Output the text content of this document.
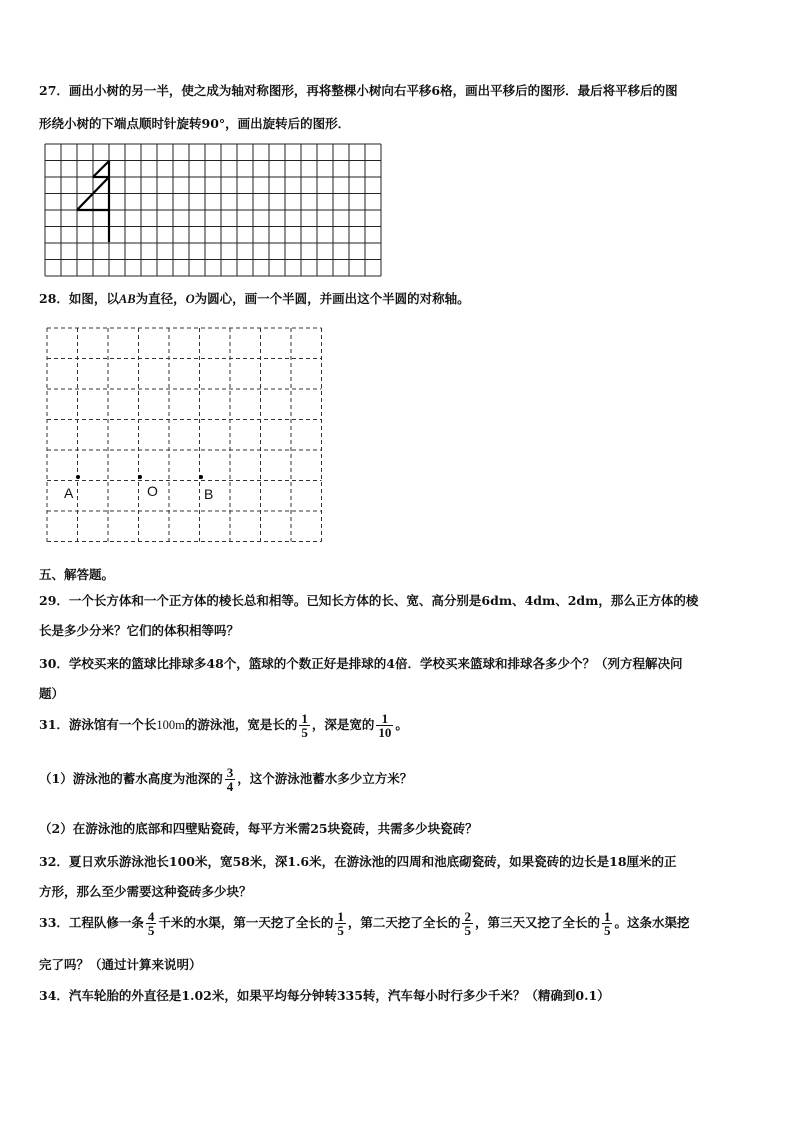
27．画出小树的另一半，使之成为轴对称图形，再将整棵小树向右平移6格，画出平移后的图形．最后将平移后的图
形绕小树的下端点顺时针旋转90°，画出旋转后的图形．
28．如图，以AB为直径，O为圆心，画一个半圆，并画出这个半圆的对称轴。
A	O	B
五、解答题。
29．一个长方体和一个正方体的棱长总和相等。已知长方体的长、宽、高分别是6dm、4dm、2dm，那么正方体的棱
长是多少分米？它们的体积相等吗？
30．学校买来的篮球比排球多48个，篮球的个数正好是排球的4倍．学校买来篮球和排球各多少个？（列方程解决问
题）
31．游泳馆有一个长100m的游泳池，宽是长的 $\frac{1}{5}$ ，深是宽的 $\frac{1}{10}$ 。
（1）游泳池的蓄水高度为池深的 $\frac{3}{4}$ ，这个游泳池蓄水多少立方米？
（2）在游泳池的底部和四壁贴瓷砖，每平方米需25块瓷砖，共需多少块瓷砖？
32．夏日欢乐游泳池长100米，宽58米，深1.6米，在游泳池的四周和池底砌瓷砖，如果瓷砖的边长是18厘米的正
方形，那么至少需要这种瓷砖多少块？
33．工程队修一条 $\frac{4}{5}$ 千米的水渠，第一天挖了全长的 $\frac{1}{5}$ ，第二天挖了全长的 $\frac{2}{5}$ ，第三天又挖了全长的 $\frac{1}{5}$ 。这条水渠挖
完了吗？（通过计算来说明）
34．汽车轮胎的外直径是1.02米，如果平均每分钟转335转，汽车每小时行多少千米？（精确到0.1）
